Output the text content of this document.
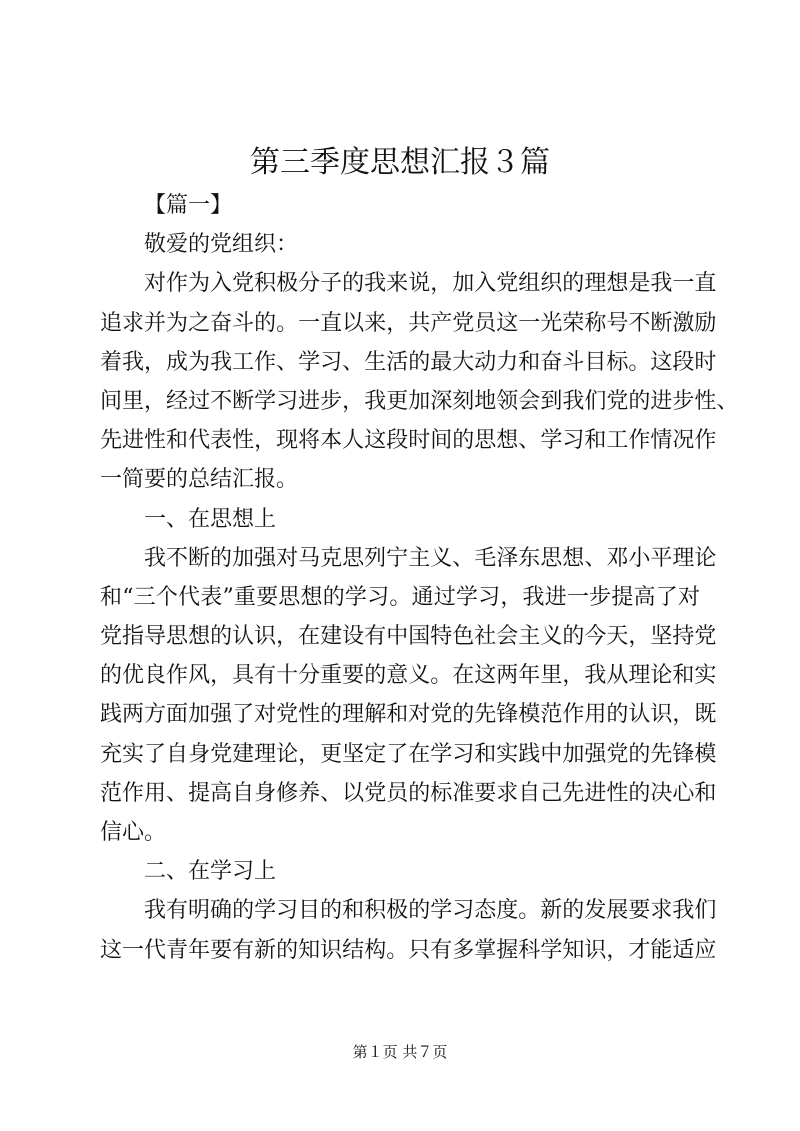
第三季度思想汇报３篇
【篇一】
敬爱的党组织：
对 作 为 入 党 积 极 分 子 的 我 来 说 ， 加 入 党 组 织 的 理 想 是 我 一 直
追 求 并 为 之 奋 斗 的 。 一 直 以 来 ， 共 产 党 员 这 一 光 荣 称 号 不 断 激 励
着 我 ， 成 为 我 工 作 、 学 习 、 生 活 的 最 大 动 力 和 奋 斗 目 标 。 这 段 时
间 里 ， 经 过 不 断 学 习 进 步 ， 我 更 加 深 刻 地 领 会 到 我 们 党 的 进 步 性 、
先 进 性 和 代 表 性 ， 现 将 本 人 这 段 时 间 的 思 想 、 学 习 和 工 作 情 况 作
一简要的总结汇报。
一、在思想上
我 不 断 的 加 强 对 马 克 思 列 宁 主 义 、 毛 泽 东 思 想 、 邓 小 平 理 论
和 “ 三 个 代 表 ” 重 要 思 想 的 学 习 。 通 过 学 习 ， 我 进 一 步 提 高 了 对
党 指 导 思 想 的 认 识 ， 在 建 设 有 中 国 特 色 社 会 主 义 的 今 天 ， 坚 持 党
的 优 良 作 风 ， 具 有 十 分 重 要 的 意 义 。 在 这 两 年 里 ， 我 从 理 论 和 实
践 两 方 面 加 强 了 对 党 性 的 理 解 和 对 党 的 先 锋 模 范 作 用 的 认 识 ， 既
充 实 了 自 身 党 建 理 论 ， 更 坚 定 了 在 学 习 和 实 践 中 加 强 党 的 先 锋 模
范 作 用 、 提 高 自 身 修 养 、 以 党 员 的 标 准 要 求 自 己 先 进 性 的 决 心 和
信心。
二、在学习上
我 有 明 确 的 学 习 目 的 和 积 极 的 学 习 态 度 。 新 的 发 展 要 求 我 们
这 一 代 青 年 要 有 新 的 知 识 结 构 。 只 有 多 掌 握 科 学 知 识 ， 才 能 适 应
第１页 共７页
